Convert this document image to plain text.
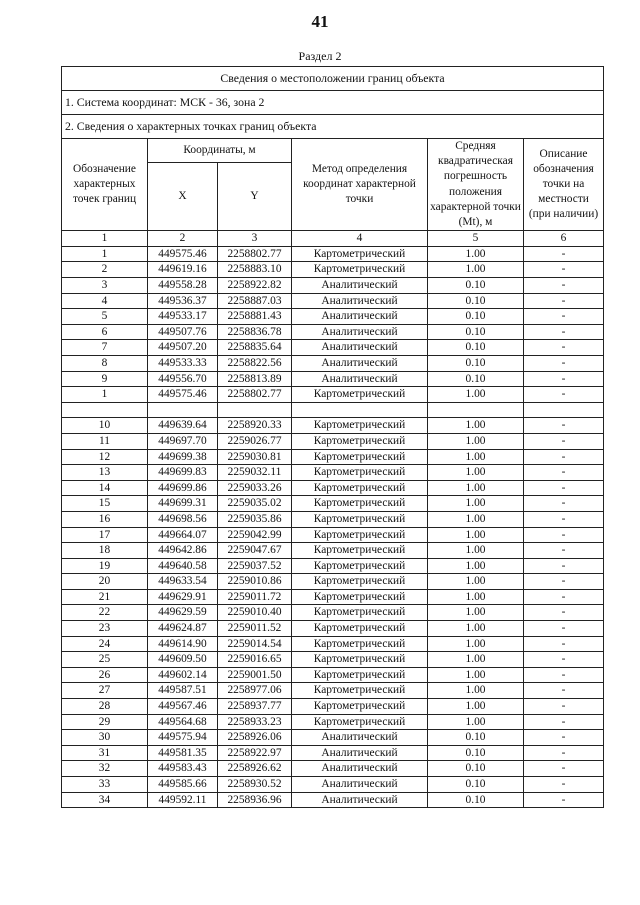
41
Раздел 2
Сведения о местоположении границ объекта					
1. Система координат: МСК - 36, зона 2					
2. Сведения о характерных точках границ объекта					
Обозначение характерных точек границ	Координаты, м		Метод определения координат характерной точки	Средняя квадратическая погрешность положения характерной точки (Mt), м	Описание обозначения точки на местности (при наличии)
	X	Y			
1	2	3	4	5	6
1	449575.46	2258802.77	Картометрический	1.00	-
2	449619.16	2258883.10	Картометрический	1.00	-
3	449558.28	2258922.82	Аналитический	0.10	-
4	449536.37	2258887.03	Аналитический	0.10	-
5	449533.17	2258881.43	Аналитический	0.10	-
6	449507.76	2258836.78	Аналитический	0.10	-
7	449507.20	2258835.64	Аналитический	0.10	-
8	449533.33	2258822.56	Аналитический	0.10	-
9	449556.70	2258813.89	Аналитический	0.10	-
1	449575.46	2258802.77	Картометрический	1.00	-

10	449639.64	2258920.33	Картометрический	1.00	-
11	449697.70	2259026.77	Картометрический	1.00	-
12	449699.38	2259030.81	Картометрический	1.00	-
13	449699.83	2259032.11	Картометрический	1.00	-
14	449699.86	2259033.26	Картометрический	1.00	-
15	449699.31	2259035.02	Картометрический	1.00	-
16	449698.56	2259035.86	Картометрический	1.00	-
17	449664.07	2259042.99	Картометрический	1.00	-
18	449642.86	2259047.67	Картометрический	1.00	-
19	449640.58	2259037.52	Картометрический	1.00	-
20	449633.54	2259010.86	Картометрический	1.00	-
21	449629.91	2259011.72	Картометрический	1.00	-
22	449629.59	2259010.40	Картометрический	1.00	-
23	449624.87	2259011.52	Картометрический	1.00	-
24	449614.90	2259014.54	Картометрический	1.00	-
25	449609.50	2259016.65	Картометрический	1.00	-
26	449602.14	2259001.50	Картометрический	1.00	-
27	449587.51	2258977.06	Картометрический	1.00	-
28	449567.46	2258937.77	Картометрический	1.00	-
29	449564.68	2258933.23	Картометрический	1.00	-
30	449575.94	2258926.06	Аналитический	0.10	-
31	449581.35	2258922.97	Аналитический	0.10	-
32	449583.43	2258926.62	Аналитический	0.10	-
33	449585.66	2258930.52	Аналитический	0.10	-
34	449592.11	2258936.96	Аналитический	0.10	-
